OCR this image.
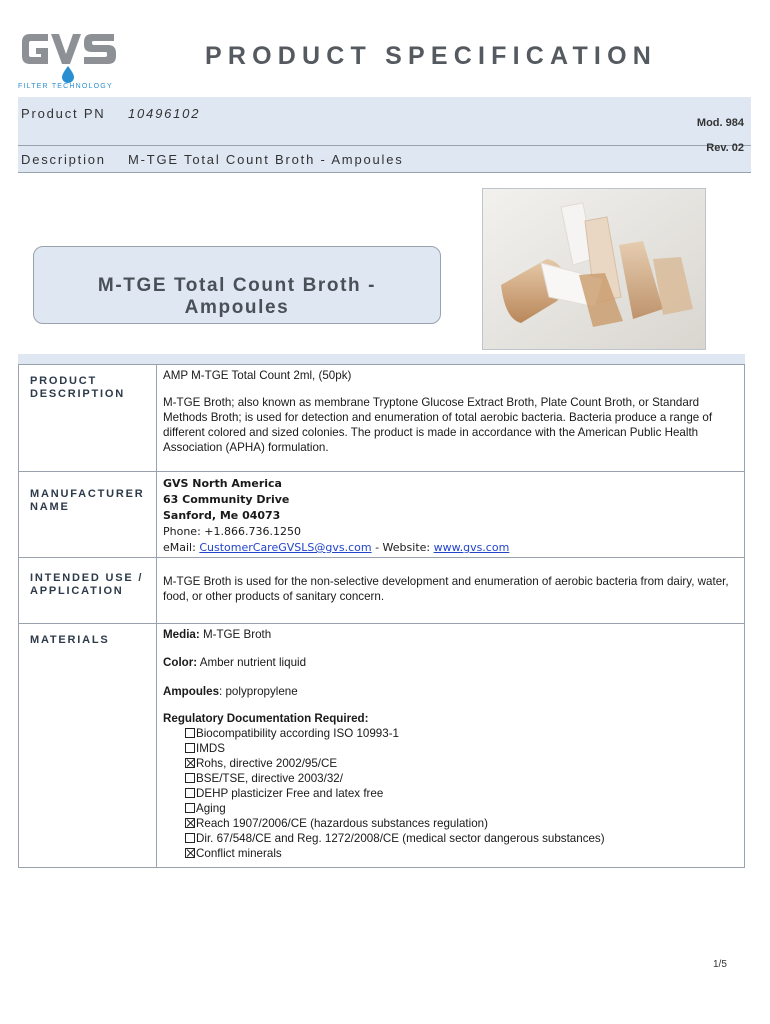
FILTER TECHNOLOGY
PRODUCT SPECIFICATION
Product PN 10496102
Mod. 984
Rev. 02
Description M-TGE Total Count Broth - Ampoules
M-TGE Total Count Broth -
Ampoules
PRODUCT
DESCRIPTION
AMP M-TGE Total Count 2ml, (50pk)
M-TGE Broth; also known as membrane Tryptone Glucose Extract Broth, Plate Count Broth, or Standard Methods Broth; is used for detection and enumeration of total aerobic bacteria. Bacteria produce a range of different colored and sized colonies. The product is made in accordance with the American Public Health Association (APHA) formulation.
MANUFACTURER
NAME
GVS North America
63 Community Drive
Sanford, Me 04073
Phone: +1.866.736.1250
eMail: CustomerCareGVSLS@gvs.com - Website: www.gvs.com
INTENDED USE /
APPLICATION
M-TGE Broth is used for the non-selective development and enumeration of aerobic bacteria from dairy, water, food, or other products of sanitary concern.
MATERIALS	Media: M-TGE Broth
Color: Amber nutrient liquid
Ampoules: polypropylene
Regulatory Documentation Required:
Biocompatibility according ISO 10993-1
IMDS
Rohs, directive 2002/95/CE
BSE/TSE, directive 2003/32/
DEHP plasticizer Free and latex free
Aging
Reach 1907/2006/CE (hazardous substances regulation)
Dir. 67/548/CE and Reg. 1272/2008/CE (medical sector dangerous substances)
Conflict minerals
1/5
